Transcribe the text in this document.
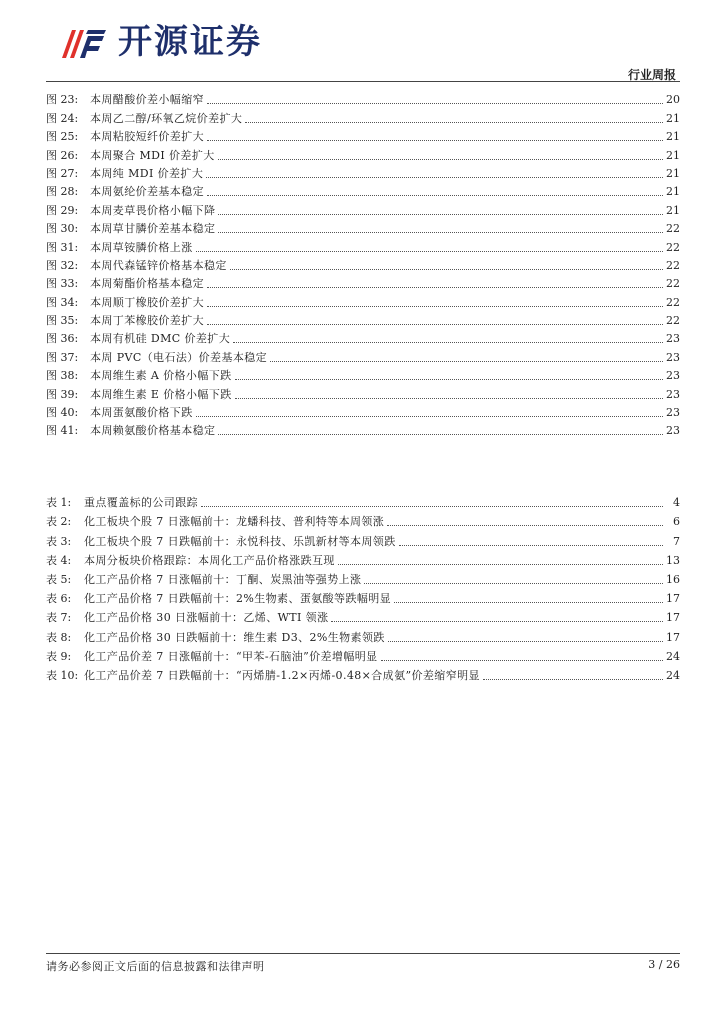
开源证券
行业周报
图 23:	本周醋酸价差小幅缩窄	20
图 24:	本周乙二醇/环氧乙烷价差扩大	21
图 25:	本周粘胶短纤价差扩大	21
图 26:	本周聚合 MDI 价差扩大	21
图 27:	本周纯 MDI 价差扩大	21
图 28:	本周氨纶价差基本稳定	21
图 29:	本周麦草畏价格小幅下降	21
图 30:	本周草甘膦价差基本稳定	22
图 31:	本周草铵膦价格上涨	22
图 32:	本周代森锰锌价格基本稳定	22
图 33:	本周菊酯价格基本稳定	22
图 34:	本周顺丁橡胶价差扩大	22
图 35:	本周丁苯橡胶价差扩大	22
图 36:	本周有机硅 DMC 价差扩大	23
图 37:	本周 PVC（电石法）价差基本稳定	23
图 38:	本周维生素 A 价格小幅下跌	23
图 39:	本周维生素 E 价格小幅下跌	23
图 40:	本周蛋氨酸价格下跌	23
图 41:	本周赖氨酸价格基本稳定	23
表 1:	重点覆盖标的公司跟踪	4
表 2:	化工板块个股 7 日涨幅前十：龙蟠科技、普利特等本周领涨	6
表 3:	化工板块个股 7 日跌幅前十：永悦科技、乐凯新材等本周领跌	7
表 4:	本周分板块价格跟踪：本周化工产品价格涨跌互现	13
表 5:	化工产品价格 7 日涨幅前十：丁酮、炭黑油等强势上涨	16
表 6:	化工产品价格 7 日跌幅前十：2%生物素、蛋氨酸等跌幅明显	17
表 7:	化工产品价格 30 日涨幅前十：乙烯、WTI 领涨	17
表 8:	化工产品价格 30 日跌幅前十：维生素 D3、2%生物素领跌	17
表 9:	化工产品价差 7 日涨幅前十：“甲苯-石脑油”价差增幅明显	24
表 10: 化工产品价差 7 日跌幅前十：“丙烯腈-1.2×丙烯-0.48×合成氨”价差缩窄明显	24
请务必参阅正文后面的信息披露和法律声明	3 / 26
